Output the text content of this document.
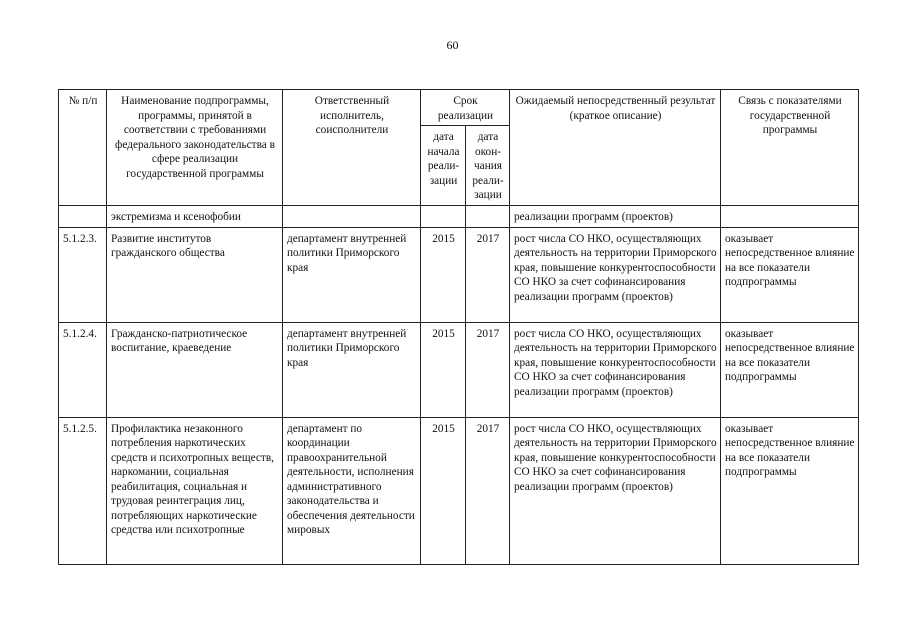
60
№ п/п	Наименование подпрограммы, программы, принятой в соответствии с требованиями федерального законодательства в сфере реализации государственной программы	Ответственный исполнитель, соисполнители	Срок реализации		Ожидаемый непосредственный результат (краткое описание)	Связь с показателями государственной программы
			дата начала реали- зации	дата окон- чания реали- зации		
	экстремизма и ксенофобии				реализации программ (проектов)	
5.1.2.3.	Развитие институтов гражданского общества	департамент внутренней политики Приморского края	2015	2017	рост числа СО НКО, осуществляющих деятельность на территории Приморского края, повышение конкурентоспособности СО НКО за счет софинансирования реализации программ (проектов)	оказывает непосредственное влияние на все показатели подпрограммы
5.1.2.4.	Гражданско-патриотическое воспитание, краеведение	департамент внутренней политики Приморского края	2015	2017	рост числа СО НКО, осуществляющих деятельность на территории Приморского края, повышение конкурентоспособности СО НКО за счет софинансирования реализации программ (проектов)	оказывает непосредственное влияние на все показатели подпрограммы
5.1.2.5.	Профилактика незаконного потребления наркотических средств и психотропных веществ, наркомании, социальная реабилитация, социальная и трудовая реинтеграция лиц, потребляющих наркотические средства или психотропные	департамент по координации правоохранительной деятельности, исполнения административного законодательства и обеспечения деятельности мировых	2015	2017	рост числа СО НКО, осуществляющих деятельность на территории Приморского края, повышение конкурентоспособности СО НКО за счет софинансирования реализации программ (проектов)	оказывает непосредственное влияние на все показатели подпрограммы
